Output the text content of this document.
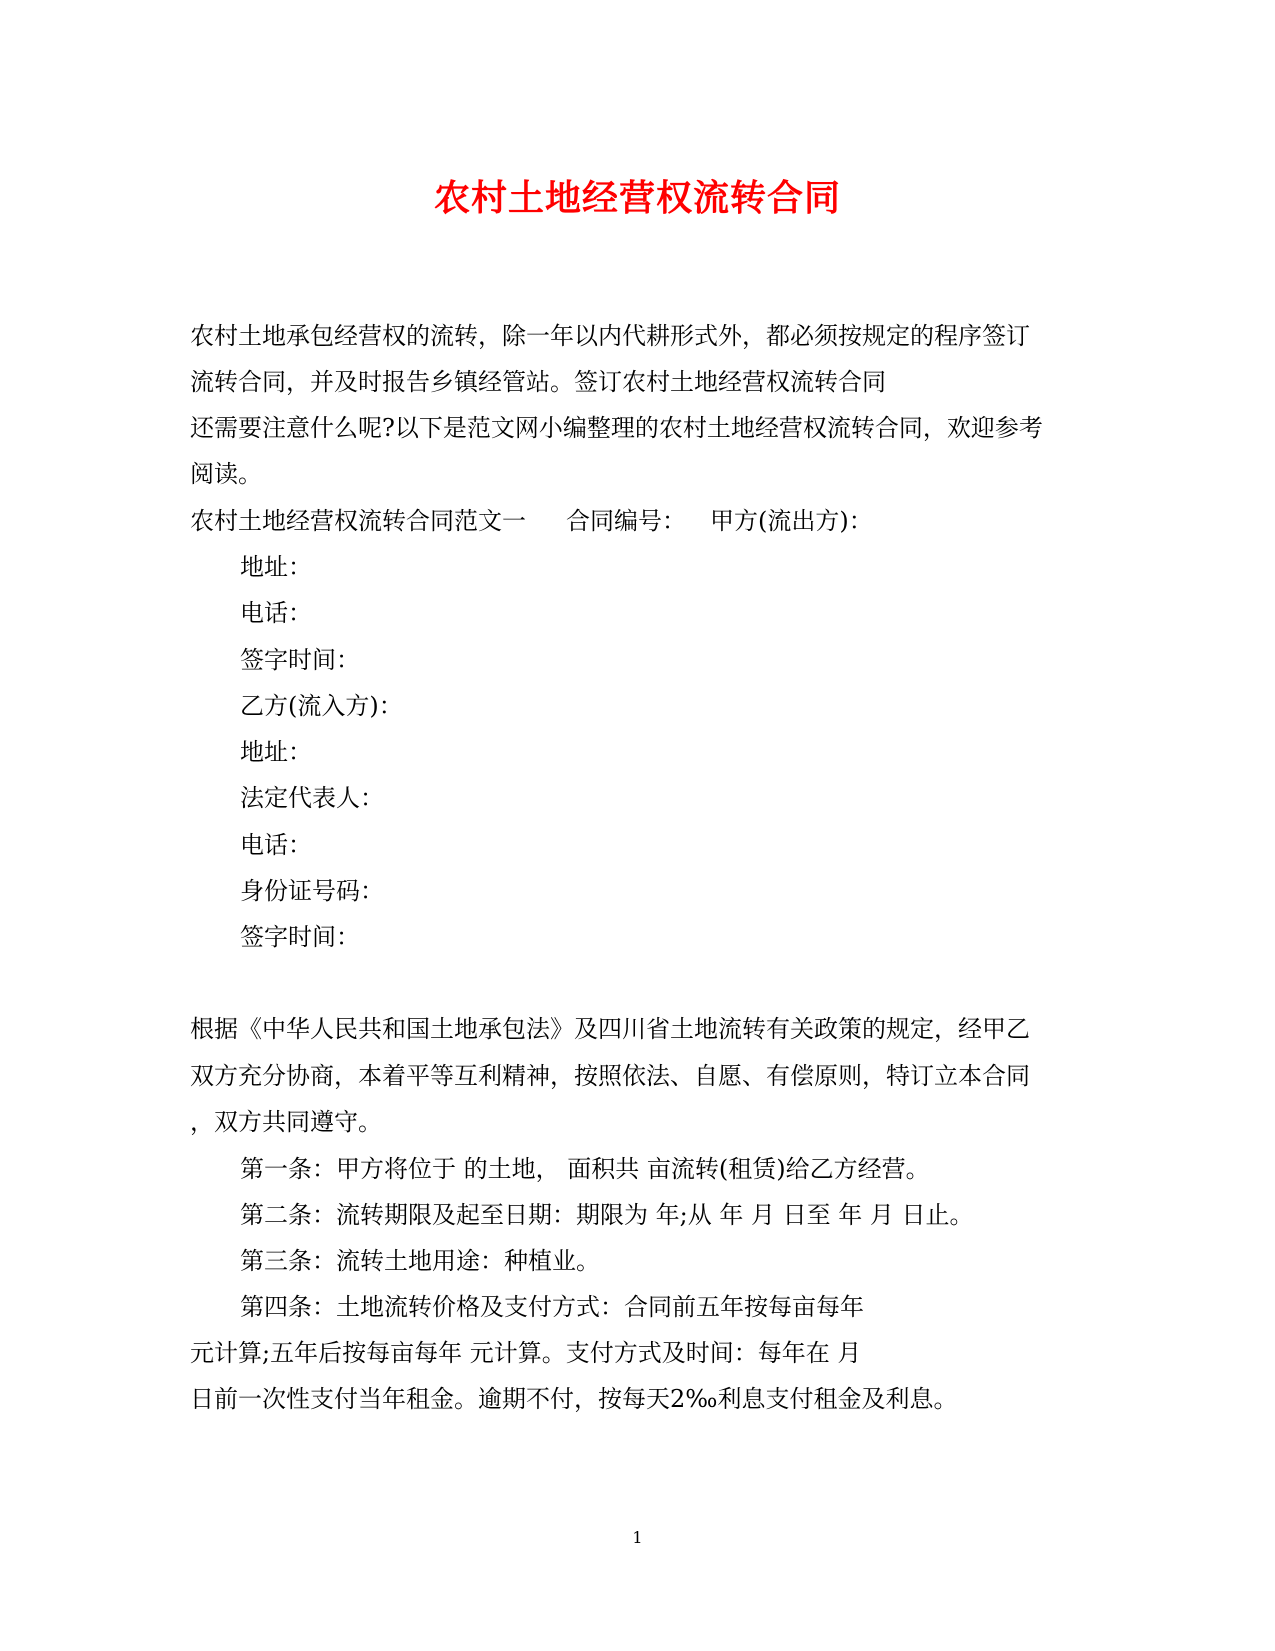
农村土地经营权流转合同
农村土地承包经营权的流转，除一年以内代耕形式外，都必须按规定的程序签订
流转合同，并及时报告乡镇经管站。签订农村土地经营权流转合同
还需要注意什么呢?以下是范文网小编整理的农村土地经营权流转合同，欢迎参考
阅读。
农村土地经营权流转合同范文一 合同编号： 甲方(流出方)：
地址：
电话：
签字时间：
乙方(流入方)：
地址：
法定代表人：
电话：
身份证号码：
签字时间：
根据《中华人民共和国土地承包法》及四川省土地流转有关政策的规定，经甲乙
双方充分协商，本着平等互利精神，按照依法、自愿、有偿原则，特订立本合同
，双方共同遵守。
第一条：甲方将位于 的土地， 面积共 亩流转(租赁)给乙方经营。
第二条：流转期限及起至日期：期限为 年;从 年 月 日至 年 月 日止。
第三条：流转土地用途：种植业。
第四条：土地流转价格及支付方式：合同前五年按每亩每年
元计算;五年后按每亩每年 元计算。支付方式及时间：每年在 月
日前一次性支付当年租金。逾期不付，按每天2‰利息支付租金及利息。
1
